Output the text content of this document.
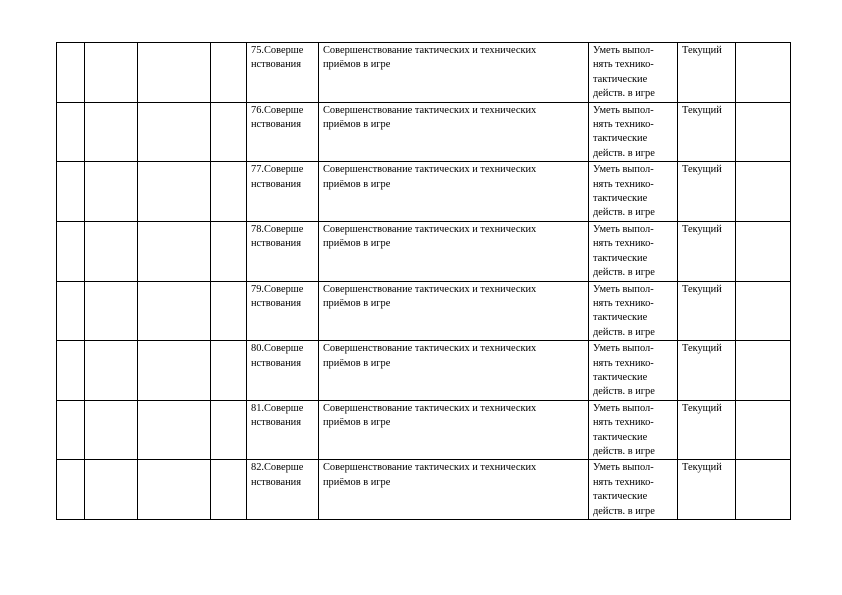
				75.Соверше
нствования	Совершенствование тактических и технических
приёмов в игре	Уметь выпол-
нять технико-
тактические
действ. в игре	Текущий	
				76.Соверше
нствования	Совершенствование тактических и технических
приёмов в игре	Уметь выпол-
нять технико-
тактические
действ. в игре	Текущий	
				77.Соверше
нствования	Совершенствование тактических и технических
приёмов в игре	Уметь выпол-
нять технико-
тактические
действ. в игре	Текущий	
				78.Соверше
нствования	Совершенствование тактических и технических
приёмов в игре	Уметь выпол-
нять технико-
тактические
действ. в игре	Текущий	
				79.Соверше
нствования	Совершенствование тактических и технических
приёмов в игре	Уметь выпол-
нять технико-
тактические
действ. в игре	Текущий	
				80.Соверше
нствования	Совершенствование тактических и технических
приёмов в игре	Уметь выпол-
нять технико-
тактические
действ. в игре	Текущий	
				81.Соверше
нствования	Совершенствование тактических и технических
приёмов в игре	Уметь выпол-
нять технико-
тактические
действ. в игре	Текущий	
				82.Соверше
нствования	Совершенствование тактических и технических
приёмов в игре	Уметь выпол-
нять технико-
тактические
действ. в игре	Текущий	
